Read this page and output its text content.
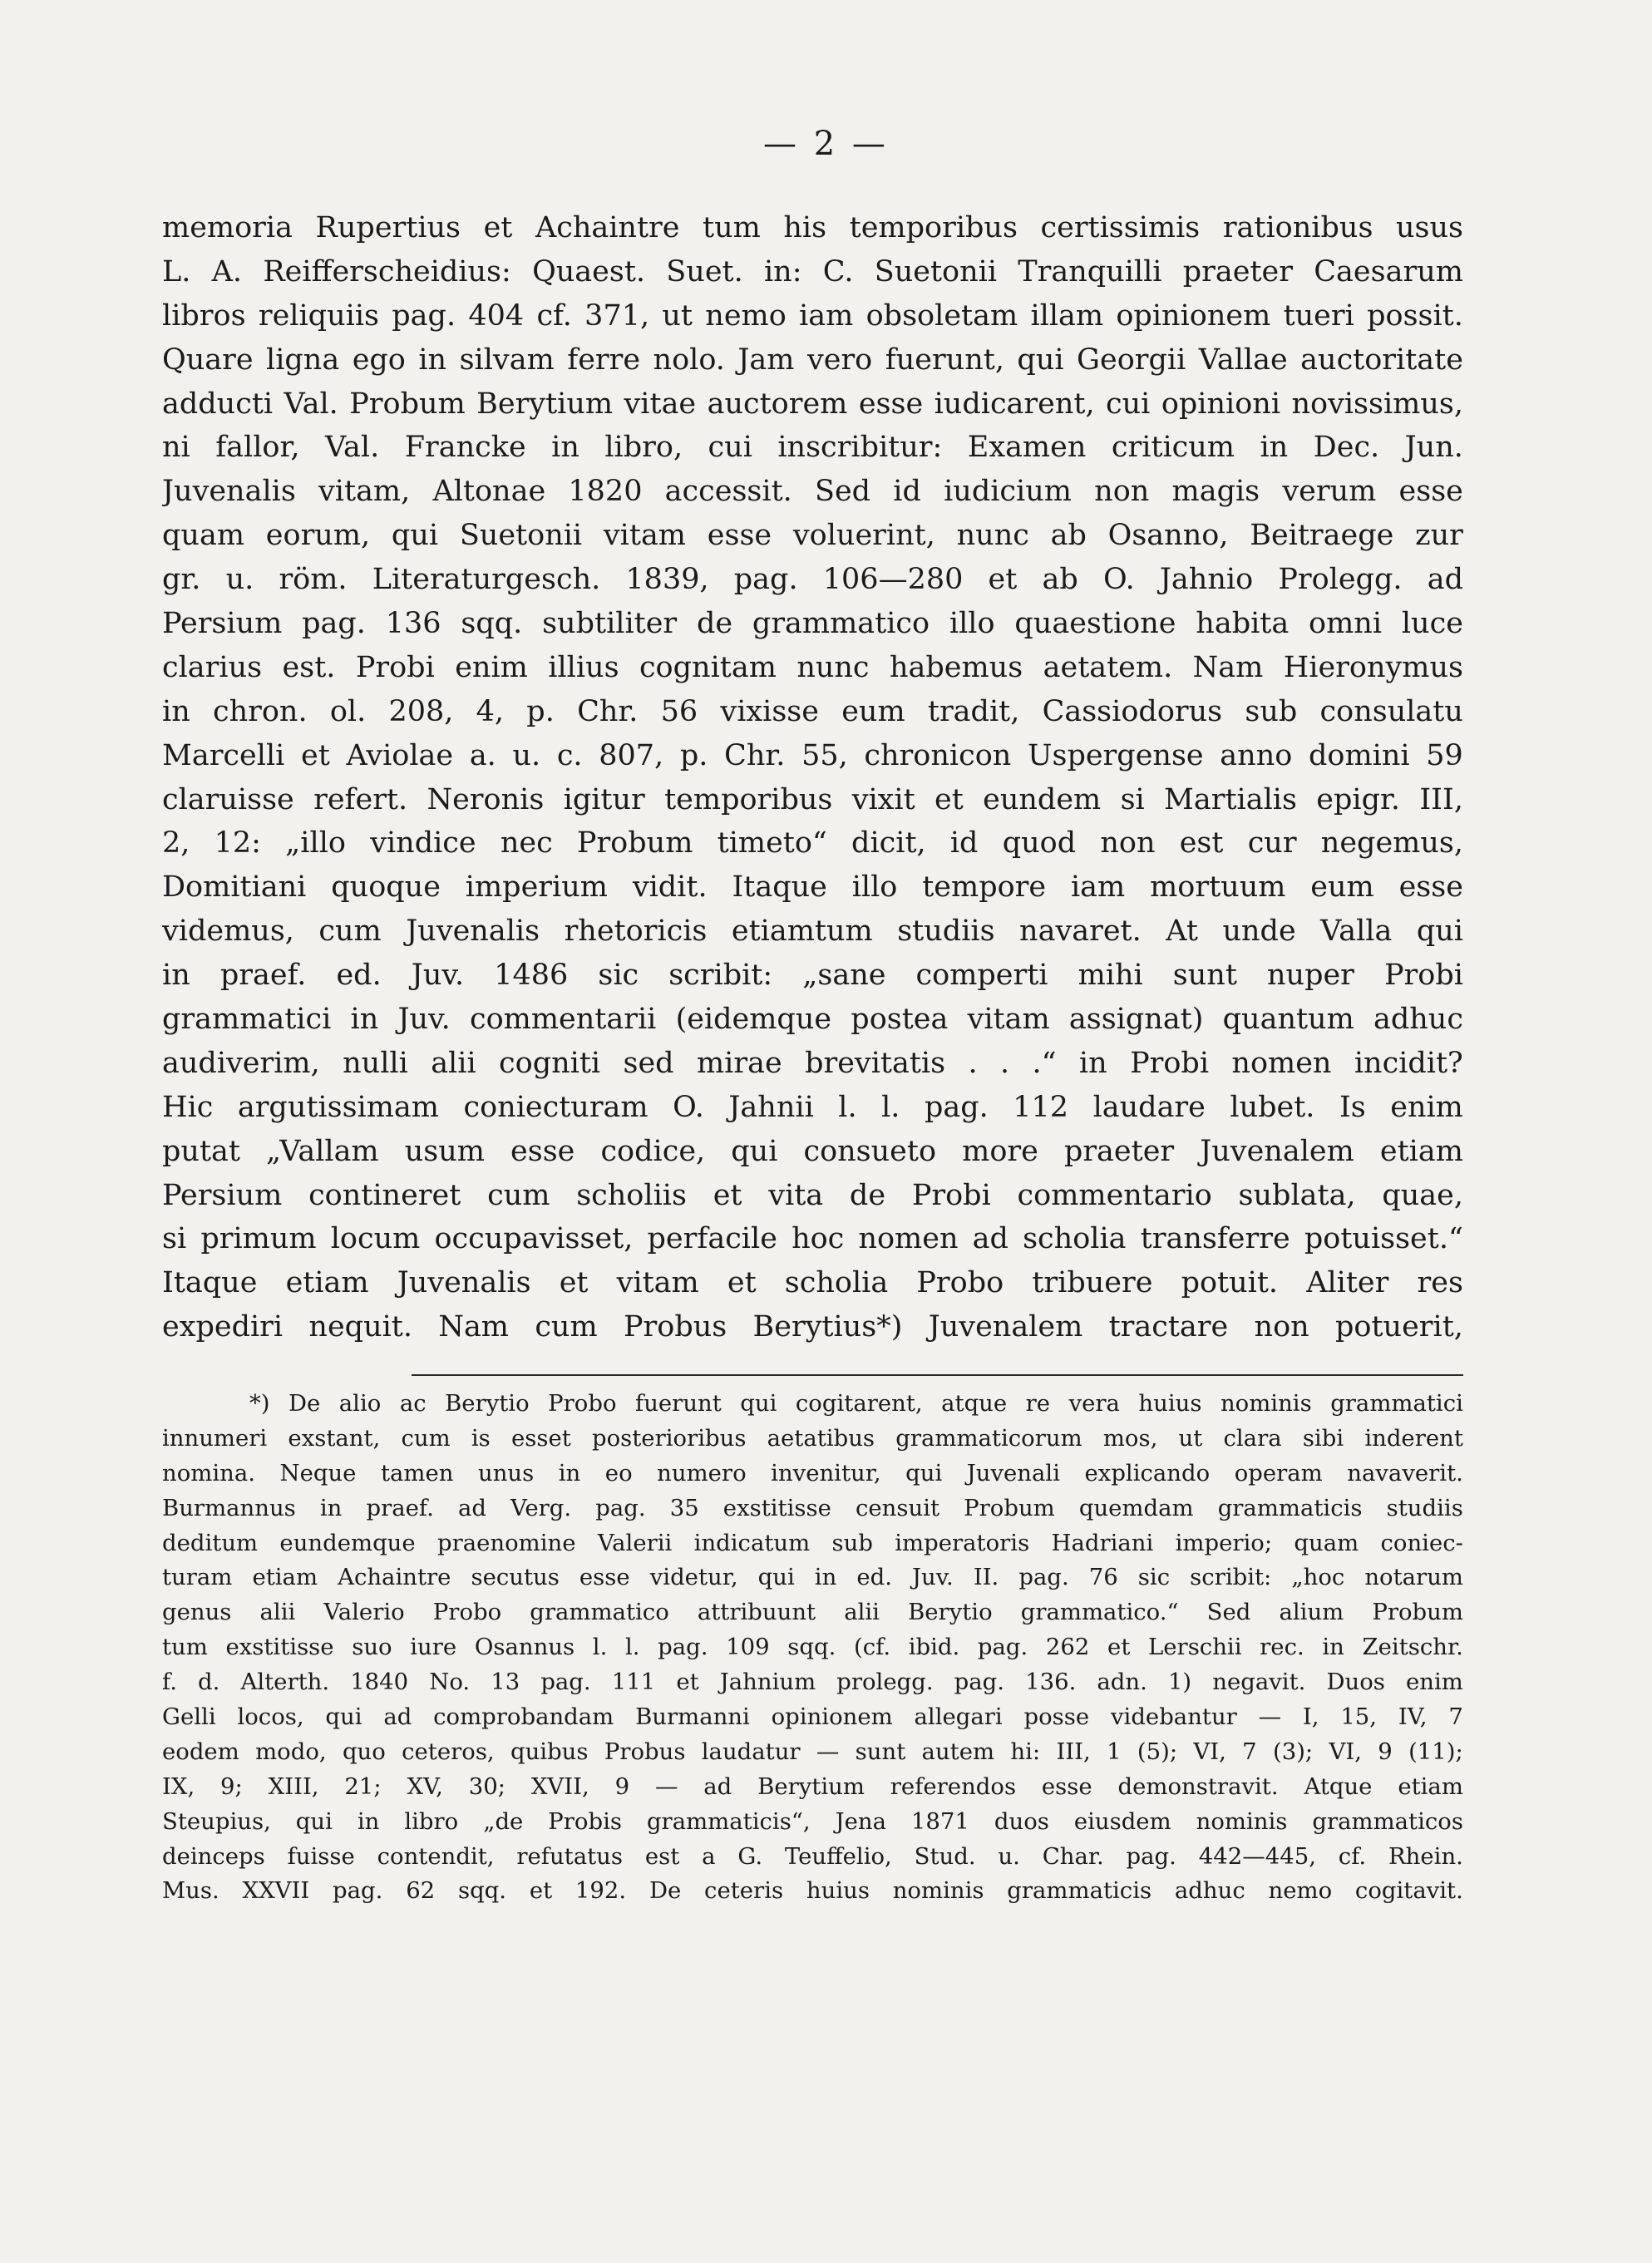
— 2 —
memoria Rupertius et Achaintre tum his temporibus certissimis rationibus usus
L. A. Reifferscheidius: Quaest. Suet. in: C. Suetonii Tranquilli praeter Caesarum
libros reliquiis pag. 404 cf. 371, ut nemo iam obsoletam illam opinionem tueri possit.
Quare ligna ego in silvam ferre nolo. Jam vero fuerunt, qui Georgii Vallae auctoritate
adducti Val. Probum Berytium vitae auctorem esse iudicarent, cui opinioni novissimus,
ni fallor, Val. Francke in libro, cui inscribitur: Examen criticum in Dec. Jun.
Juvenalis vitam, Altonae 1820 accessit. Sed id iudicium non magis verum esse
quam eorum, qui Suetonii vitam esse voluerint, nunc ab Osanno, Beitraege zur
gr. u. röm. Literaturgesch. 1839, pag. 106—280 et ab O. Jahnio Prolegg. ad
Persium pag. 136 sqq. subtiliter de grammatico illo quaestione habita omni luce
clarius est. Probi enim illius cognitam nunc habemus aetatem. Nam Hieronymus
in chron. ol. 208, 4, p. Chr. 56 vixisse eum tradit, Cassiodorus sub consulatu
Marcelli et Aviolae a. u. c. 807, p. Chr. 55, chronicon Uspergense anno domini 59
claruisse refert. Neronis igitur temporibus vixit et eundem si Martialis epigr. III,
2, 12: „illo vindice nec Probum timeto“ dicit, id quod non est cur negemus,
Domitiani quoque imperium vidit. Itaque illo tempore iam mortuum eum esse
videmus, cum Juvenalis rhetoricis etiamtum studiis navaret. At unde Valla qui
in praef. ed. Juv. 1486 sic scribit: „sane comperti mihi sunt nuper Probi
grammatici in Juv. commentarii (eidemque postea vitam assignat) quantum adhuc
audiverim, nulli alii cogniti sed mirae brevitatis . . .“ in Probi nomen incidit?
Hic argutissimam coniecturam O. Jahnii l. l. pag. 112 laudare lubet. Is enim
putat „Vallam usum esse codice, qui consueto more praeter Juvenalem etiam
Persium contineret cum scholiis et vita de Probi commentario sublata, quae,
si primum locum occupavisset, perfacile hoc nomen ad scholia transferre potuisset.“
Itaque etiam Juvenalis et vitam et scholia Probo tribuere potuit. Aliter res
expediri nequit. Nam cum Probus Berytius*) Juvenalem tractare non potuerit,
*) De alio ac Berytio Probo fuerunt qui cogitarent, atque re vera huius nominis grammatici
innumeri exstant, cum is esset posterioribus aetatibus grammaticorum mos, ut clara sibi inderent
nomina. Neque tamen unus in eo numero invenitur, qui Juvenali explicando operam navaverit.
Burmannus in praef. ad Verg. pag. 35 exstitisse censuit Probum quemdam grammaticis studiis
deditum eundemque praenomine Valerii indicatum sub imperatoris Hadriani imperio; quam coniec-
turam etiam Achaintre secutus esse videtur, qui in ed. Juv. II. pag. 76 sic scribit: „hoc notarum
genus alii Valerio Probo grammatico attribuunt alii Berytio grammatico.“ Sed alium Probum
tum exstitisse suo iure Osannus l. l. pag. 109 sqq. (cf. ibid. pag. 262 et Lerschii rec. in Zeitschr.
f. d. Alterth. 1840 No. 13 pag. 111 et Jahnium prolegg. pag. 136. adn. 1) negavit. Duos enim
Gelli locos, qui ad comprobandam Burmanni opinionem allegari posse videbantur — I, 15, IV, 7
eodem modo, quo ceteros, quibus Probus laudatur — sunt autem hi: III, 1 (5); VI, 7 (3); VI, 9 (11);
IX, 9; XIII, 21; XV, 30; XVII, 9 — ad Berytium referendos esse demonstravit. Atque etiam
Steupius, qui in libro „de Probis grammaticis“, Jena 1871 duos eiusdem nominis grammaticos
deinceps fuisse contendit, refutatus est a G. Teuffelio, Stud. u. Char. pag. 442—445, cf. Rhein.
Mus. XXVII pag. 62 sqq. et 192. De ceteris huius nominis grammaticis adhuc nemo cogitavit.
